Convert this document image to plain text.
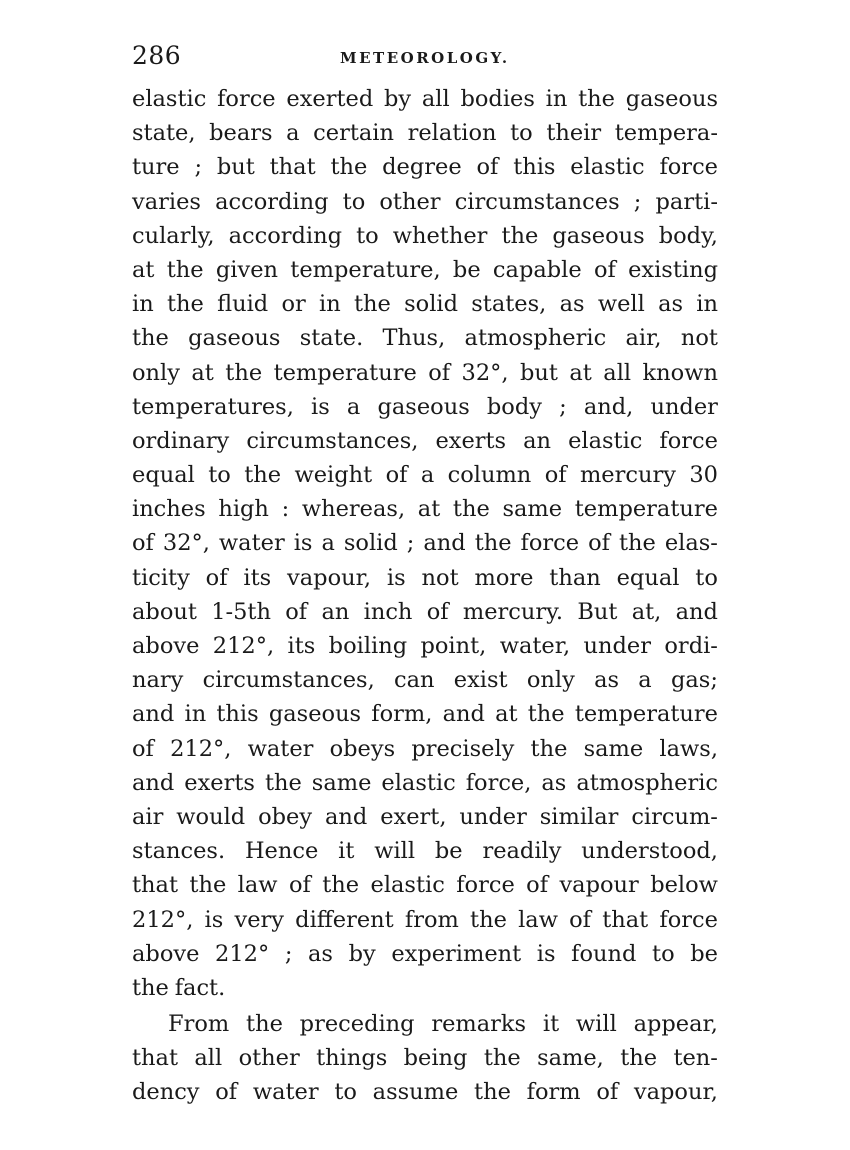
286	METEOROLOGY.
elastic force exerted by all bodies in the gaseous
state, bears a certain relation to their tempera-
ture ; but that the degree of this elastic force
varies according to other circumstances ; parti-
cularly, according to whether the gaseous body,
at the given temperature, be capable of existing
in the fluid or in the solid states, as well as in
the gaseous state. Thus, atmospheric air, not
only at the temperature of 32°, but at all known
temperatures, is a gaseous body ; and, under
ordinary circumstances, exerts an elastic force
equal to the weight of a column of mercury 30
inches high : whereas, at the same temperature
of 32°, water is a solid ; and the force of the elas-
ticity of its vapour, is not more than equal to
about 1-5th of an inch of mercury. But at, and
above 212°, its boiling point, water, under ordi-
nary circumstances, can exist only as a gas;
and in this gaseous form, and at the temperature
of 212°, water obeys precisely the same laws,
and exerts the same elastic force, as atmospheric
air would obey and exert, under similar circum-
stances. Hence it will be readily understood,
that the law of the elastic force of vapour below
212°, is very different from the law of that force
above 212° ; as by experiment is found to be
the fact.
From the preceding remarks it will appear,
that all other things being the same, the ten-
dency of water to assume the form of vapour,
